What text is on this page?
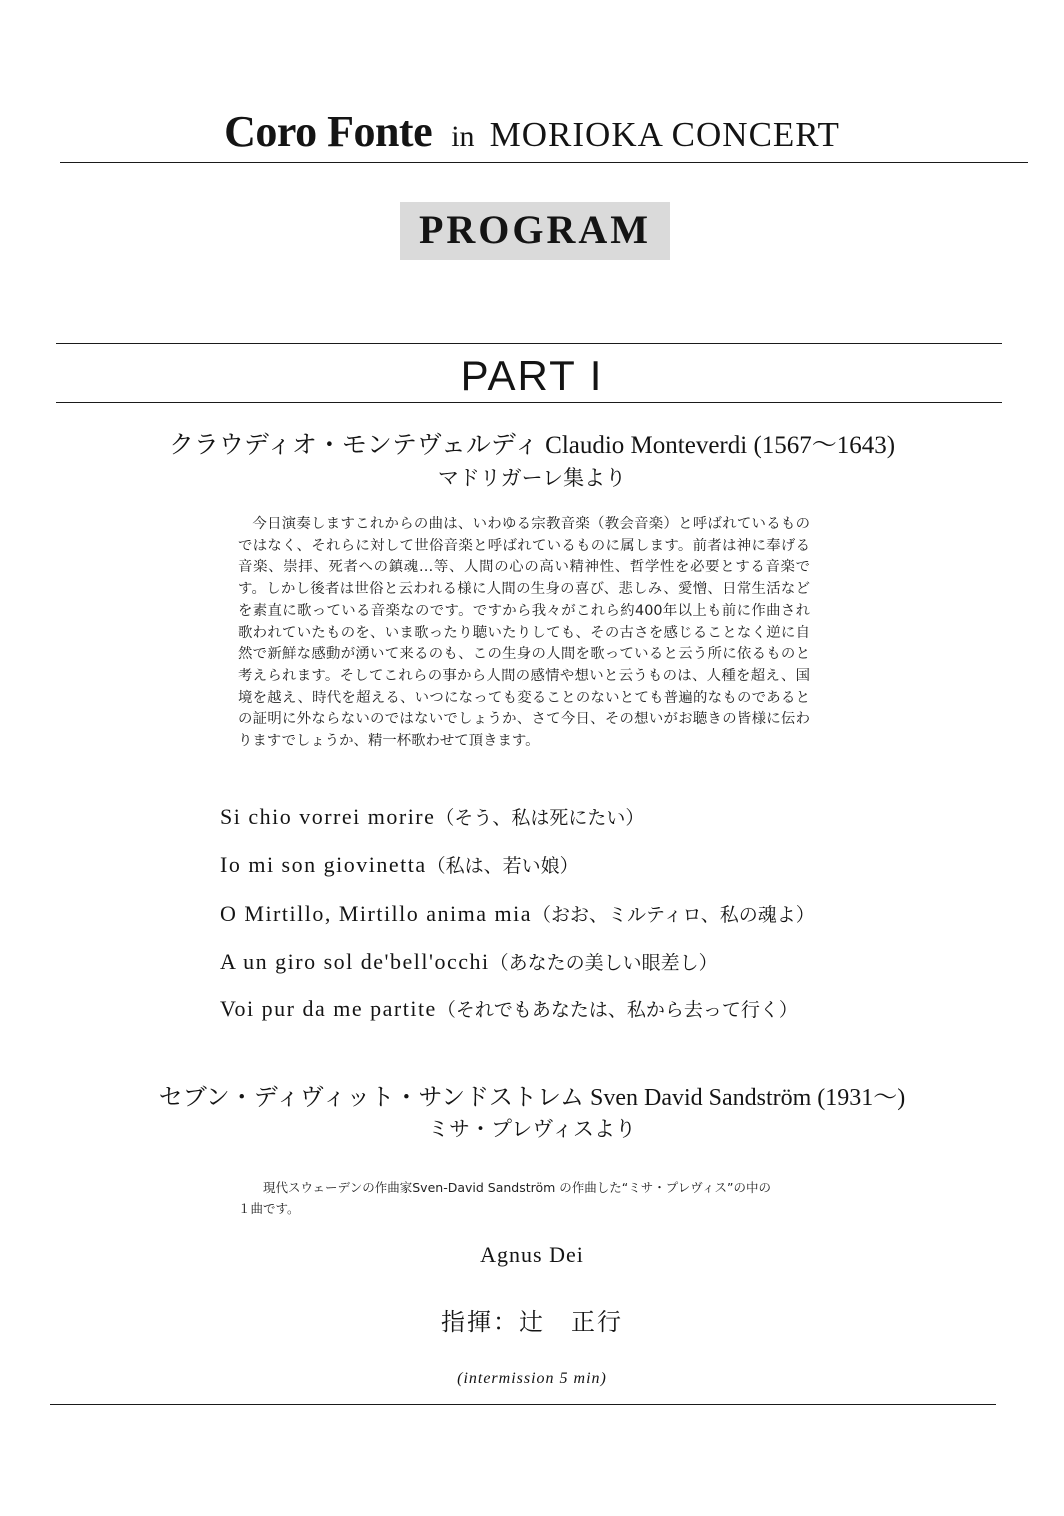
Coro Fonte in MORIOKA CONCERT
PROGRAM
PART I
クラウディオ・モンテヴェルディ Claudio Monteverdi (1567～1643)
マドリガーレ集より
今日演奏しますこれからの曲は、いわゆる宗教音楽（教会音楽）と呼ばれているものではなく、それらに対して世俗音楽と呼ばれているものに属します。前者は神に奉げる音楽、崇拝、死者への鎮魂…等、人間の心の高い精神性、哲学性を必要とする音楽です。しかし後者は世俗と云われる様に人間の生身の喜び、悲しみ、愛憎、日常生活などを素直に歌っている音楽なのです。ですから我々がこれら約400年以上も前に作曲され歌われていたものを、いま歌ったり聴いたりしても、その古さを感じることなく逆に自然で新鮮な感動が湧いて来るのも、この生身の人間を歌っていると云う所に依るものと考えられます。そしてこれらの事から人間の感情や想いと云うものは、人種を超え、国境を越え、時代を超える、いつになっても変ることのないとても普遍的なものであるとの証明に外ならないのではないでしょうか、さて今日、その想いがお聴きの皆様に伝わりますでしょうか、精一杯歌わせて頂きます。
Si chio vorrei morire（そう、私は死にたい）
Io mi son giovinetta（私は、若い娘）
O Mirtillo, Mirtillo anima mia（おお、ミルティロ、私の魂よ）
A un giro sol de'bell'occhi（あなたの美しい眼差し）
Voi pur da me partite（それでもあなたは、私から去って行く）
セブン・ディヴィット・サンドストレム Sven David Sandström (1931～)
ミサ・プレヴィスより
現代スウェーデンの作曲家Sven-David Sandström の作曲した“ミサ・プレヴィス”の中の１曲です。
Agnus Dei
指揮：辻　正行
(intermission 5 min)
